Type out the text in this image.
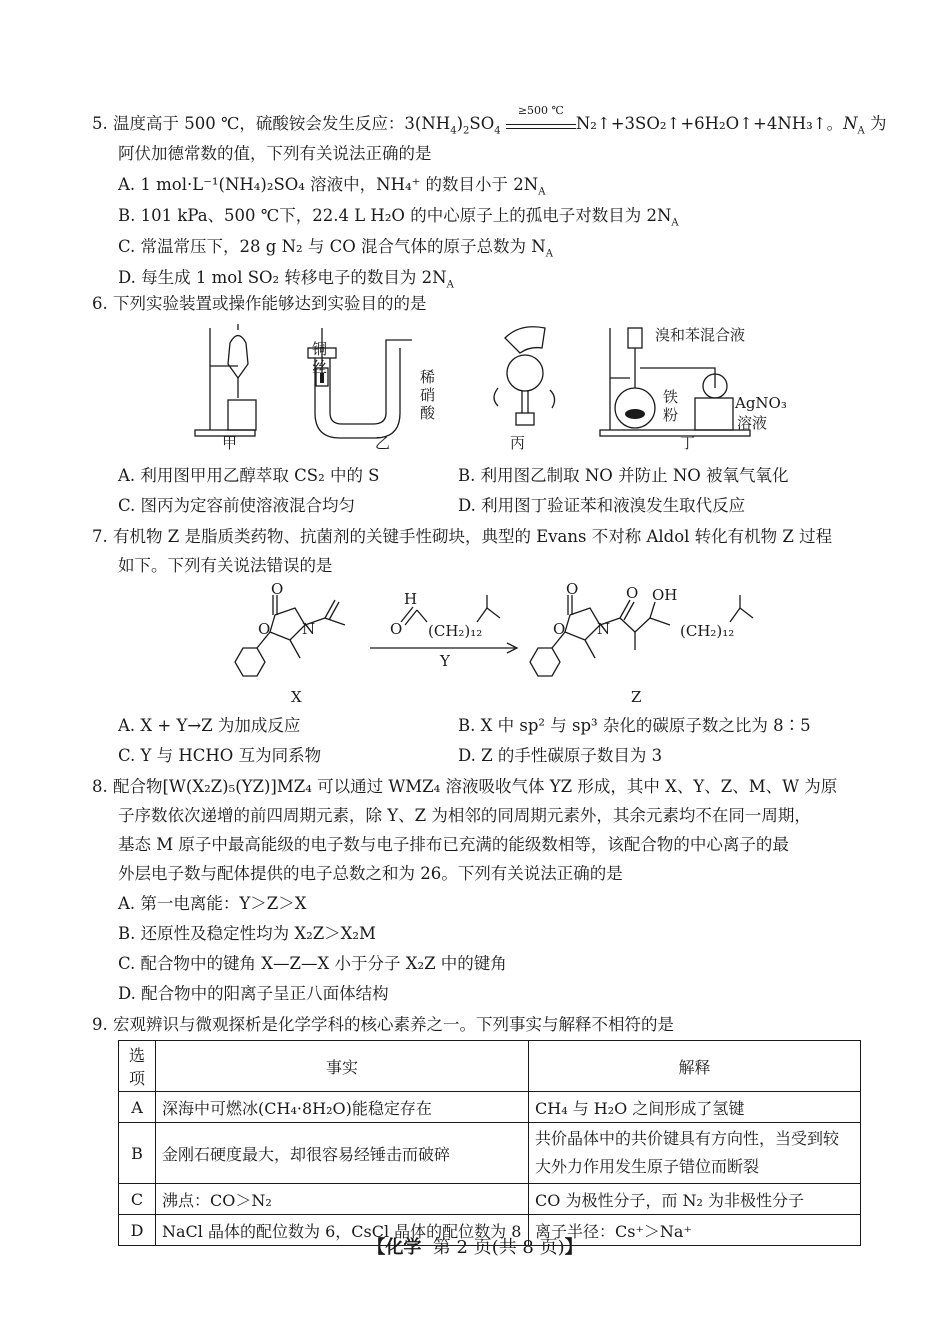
5. 温度高于 500 ℃，硫酸铵会发生反应：$3(NH_4)_2SO_4$
≥500 ℃
N₂↑+3SO₂↑+6H₂O↑+4NH₃↑。$N_A$ 为
阿伏加德常数的值，下列有关说法正确的是
A. 1 mol·L⁻¹(NH₄)₂SO₄ 溶液中，NH₄⁺ 的数目小于 $2N_A$
B. 101 kPa、500 ℃下，22.4 L H₂O 的中心原子上的孤电子对数目为 $2N_A$
C. 常温常压下，28 g N₂ 与 CO 混合气体的原子总数为 $N_A$
D. 每生成 1 mol SO₂ 转移电子的数目为 $2N_A$
6. 下列实验装置或操作能够达到实验目的的是
甲	乙	丙	丁
铜
丝
稀
硝
酸
溴和苯混合液
铁
粉
AgNO₃
溶液
A. 利用图甲用乙醇萃取 CS₂ 中的 S	B. 利用图乙制取 NO 并防止 NO 被氧气氧化
C. 图丙为定容前使溶液混合均匀	D. 利用图丁验证苯和液溴发生取代反应
7. 有机物 Z 是脂质类药物、抗菌剂的关键手性砌块，典型的 Evans 不对称 Aldol 转化有机物 Z 过程
如下。下列有关说法错误的是
O
O N
X
H
O (CH₂)₁₂
Y
O
O N
O OH
(CH₂)₁₂
Z
A. X + Y→Z 为加成反应	B. X 中 sp² 与 sp³ 杂化的碳原子数之比为 8∶5
C. Y 与 HCHO 互为同系物	D. Z 的手性碳原子数目为 3
8. 配合物[W(X₂Z)₅(YZ)]MZ₄ 可以通过 WMZ₄ 溶液吸收气体 YZ 形成，其中 X、Y、Z、M、W 为原
子序数依次递增的前四周期元素，除 Y、Z 为相邻的同周期元素外，其余元素均不在同一周期，
基态 M 原子中最高能级的电子数与电子排布已充满的能级数相等，该配合物的中心离子的最
外层电子数与配体提供的电子总数之和为 26。下列有关说法正确的是
A. 第一电离能：Y＞Z＞X
B. 还原性及稳定性均为 X₂Z＞X₂M
C. 配合物中的键角 X—Z—X 小于分子 X₂Z 中的键角
D. 配合物中的阳离子呈正八面体结构
9. 宏观辨识与微观探析是化学学科的核心素养之一。下列事实与解释不相符的是
选项	事实	解释
A	深海中可燃冰(CH₄·8H₂O)能稳定存在	CH₄ 与 H₂O 之间形成了氢键
B	金刚石硬度最大，却很容易经锤击而破碎	共价晶体中的共价键具有方向性，当受到较大外力作用发生原子错位而断裂
C	沸点：CO＞N₂	CO 为极性分子，而 N₂ 为非极性分子
D	NaCl 晶体的配位数为 6，CsCl 晶体的配位数为 8	离子半径：Cs⁺＞Na⁺
【化学 第 2 页(共 8 页)】
